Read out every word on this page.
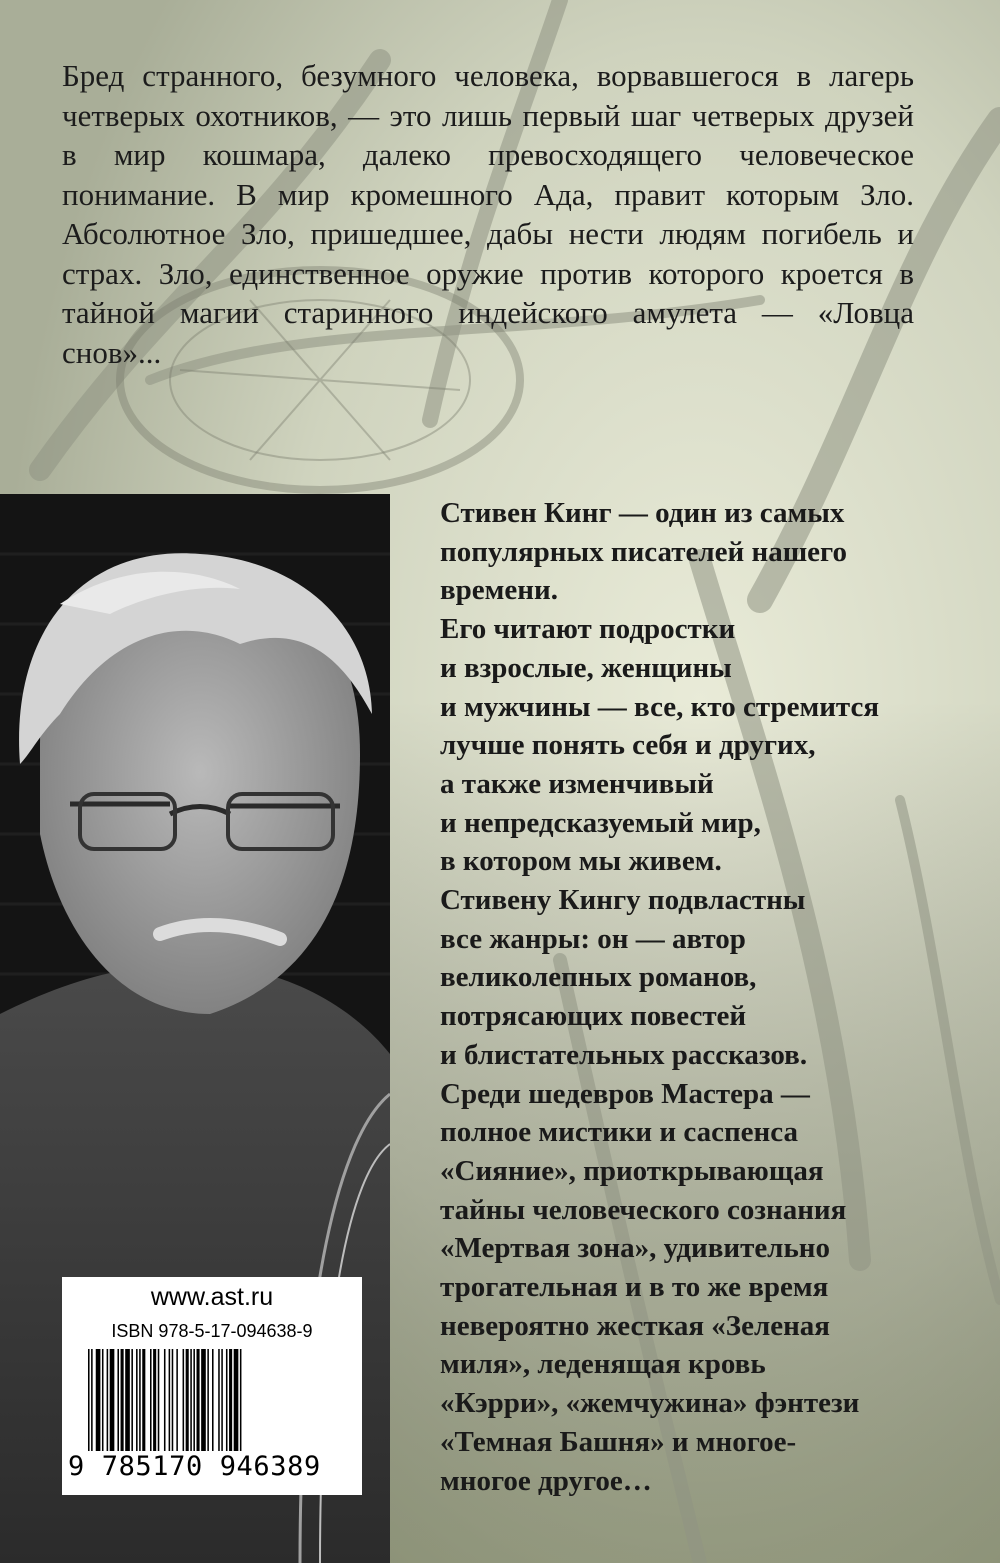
Бред странного, безумного человека, ворвавшегося в лагерь четверых охотников, — это лишь первый шаг четверых друзей в мир кошмара, далеко превосходящего человеческое понимание. В мир кромешного Ада, правит которым Зло. Абсолютное Зло, пришедшее, дабы нести людям погибель и страх. Зло, единственное оружие против которого кроется в тайной магии старинного индейского амулета — «Ловца снов»...

Стивен Кинг — один из самых
популярных писателей нашего
времени.
Его читают подростки
и взрослые, женщины
и мужчины — все, кто стремится
лучше понять себя и других,
а также изменчивый
и непредсказуемый мир,
в котором мы живем.
Стивену Кингу подвластны
все жанры: он — автор
великолепных романов,
потрясающих повестей
и блистательных рассказов.
Среди шедевров Мастера —
полное мистики и саспенса
«Сияние», приоткрывающая
тайны человеческого сознания
«Мертвая зона», удивительно
трогательная и в то же время
невероятно жесткая «Зеленая
миля», леденящая кровь
«Кэрри», «жемчужина» фэнтези
«Темная Башня» и многое-
многое другое…
www.ast.ru
ISBN 978-5-17-094638-9
9 785170 946389
